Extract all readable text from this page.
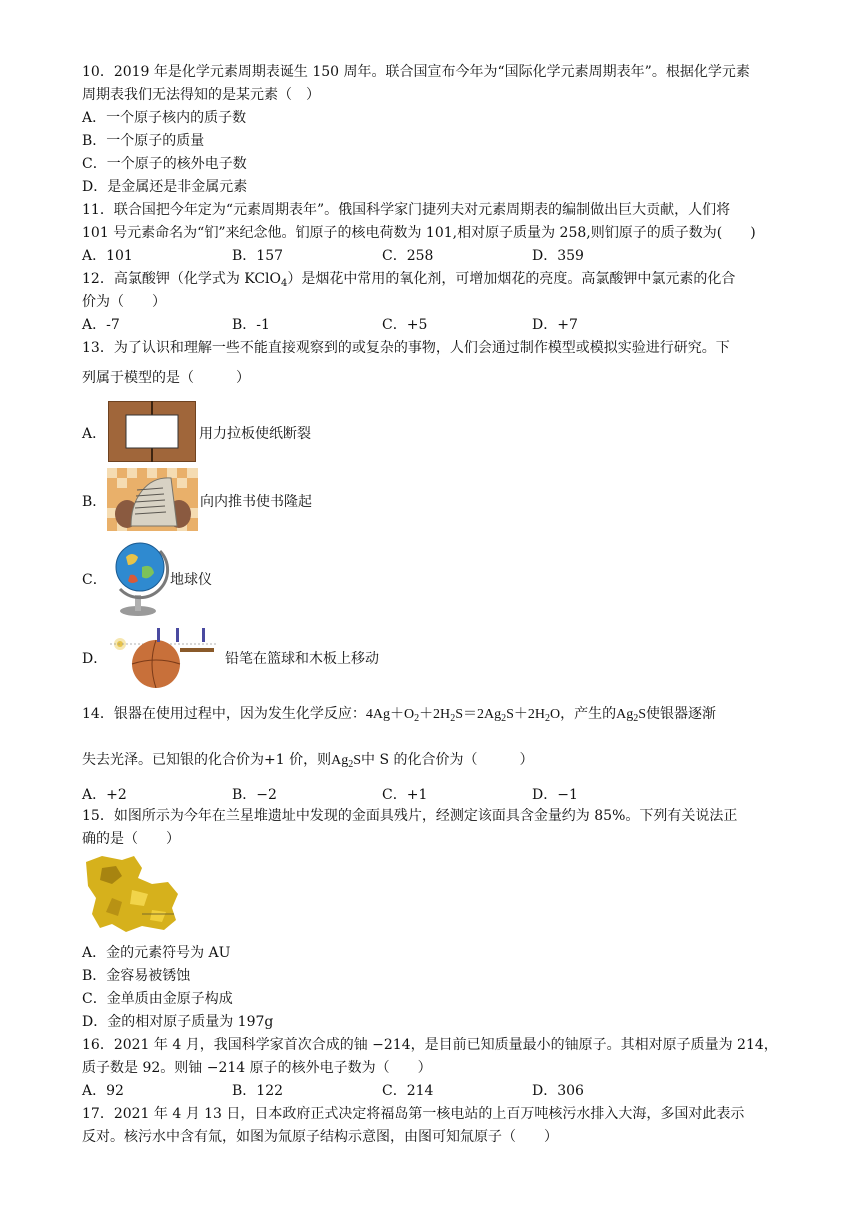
10．2019 年是化学元素周期表诞生 150 周年。联合国宣布今年为“国际化学元素周期表年”。根据化学元素
周期表我们无法得知的是某元素（　）
A．一个原子核内的质子数
B．一个原子的质量
C．一个原子的核外电子数
D．是金属还是非金属元素
11．联合国把今年定为“元素周期表年”。俄国科学家门捷列夫对元素周期表的编制做出巨大贡献，人们将
101 号元素命名为“钔”来纪念他。钔原子的核电荷数为 101,相对原子质量为 258,则钔原子的质子数为(　　)
A．101	B．157	C．258	D．359
12．高氯酸钾（化学式为 KClO$_4$）是烟花中常用的氧化剂，可增加烟花的亮度。高氯酸钾中氯元素的化合
价为（　　）
A．-7	B．-1	C．+5	D．+7
13．为了认识和理解一些不能直接观察到的或复杂的事物，人们会通过制作模型或模拟实验进行研究。下
列属于模型的是（　　　）
A．	用力拉板使纸断裂
B．	向内推书使书隆起
C．	地球仪
D．	铅笔在篮球和木板上移动
14．银器在使用过程中，因为发生化学反应：$4Ag+O_2+2H_2S=2Ag_2S+2H_2O$，产生的$Ag_2S$使银器逐渐
失去光泽。已知银的化合价为+1 价，则$Ag_2S$中 S 的化合价为（　　　）
A．+2	B．−2	C．+1	D．−1
15．如图所示为今年在兰星堆遗址中发现的金面具残片，经测定该面具含金量约为 85%。下列有关说法正
确的是（　　）
A．金的元素符号为 AU
B．金容易被锈蚀
C．金单质由金原子构成
D．金的相对原子质量为 197g
16．2021 年 4 月，我国科学家首次合成的铀 −214，是目前已知质量最小的铀原子。其相对原子质量为 214，
质子数是 92。则铀 −214 原子的核外电子数为（　　）
A．92	B．122	C．214	D．306
17．2021 年 4 月 13 日，日本政府正式决定将福岛第一核电站的上百万吨核污水排入大海，多国对此表示
反对。核污水中含有氚，如图为氚原子结构示意图，由图可知氚原子（　　）
